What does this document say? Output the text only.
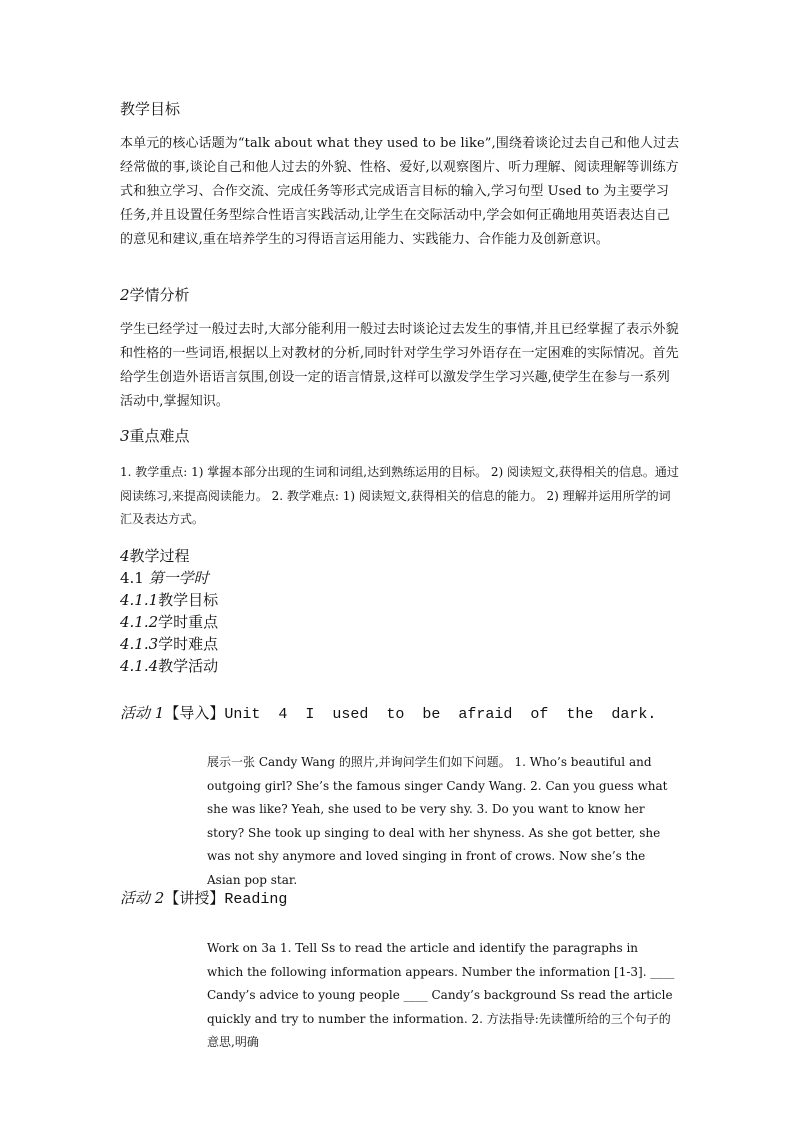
教学目标
本单元的核心话题为“talk about what they used to be like”,围绕着谈论过去自己和他人过去经常做的事,谈论自己和他人过去的外貌、性格、爱好,以观察图片、听力理解、阅读理解等训练方式和独立学习、合作交流、完成任务等形式完成语言目标的输入,学习句型 Used to 为主要学习任务,并且设置任务型综合性语言实践活动,让学生在交际活动中,学会如何正确地用英语表达自己的意见和建议,重在培养学生的习得语言运用能力、实践能力、合作能力及创新意识。
2学情分析
学生已经学过一般过去时,大部分能利用一般过去时谈论过去发生的事情,并且已经掌握了表示外貌和性格的一些词语,根据以上对教材的分析,同时针对学生学习外语存在一定困难的实际情况。首先给学生创造外语语言氛围,创设一定的语言情景,这样可以激发学生学习兴趣,使学生在参与一系列活动中,掌握知识。
3重点难点
1. 教学重点: 1) 掌握本部分出现的生词和词组,达到熟练运用的目标。 2) 阅读短文,获得相关的信息。通过阅读练习,来提高阅读能力。 2. 教学难点: 1) 阅读短文,获得相关的信息的能力。 2) 理解并运用所学的词汇及表达方式。
4教学过程
4.1 第一学时
4.1.1教学目标
4.1.2学时重点
4.1.3学时难点
4.1.4教学活动
活动 1【导入】Unit  4  I  used  to  be  afraid  of  the  dark.
展示一张 Candy Wang 的照片,并询问学生们如下问题。 1. Who’s beautiful and outgoing girl? She’s the famous singer Candy Wang. 2. Can you guess what she was like? Yeah, she used to be very shy. 3. Do you want to know her story? She took up singing to deal with her shyness. As she got better, she was not shy anymore and loved singing in front of crows. Now she’s the Asian pop star.
活动 2【讲授】Reading
Work on 3a 1. Tell Ss to read the article and identify the paragraphs in which the following information appears. Number the information [1-3]. ____ Candy’s advice to young people ____ Candy’s background Ss read the article quickly and try to number the information. 2. 方法指导:先读懂所给的三个句子的意思,明确
